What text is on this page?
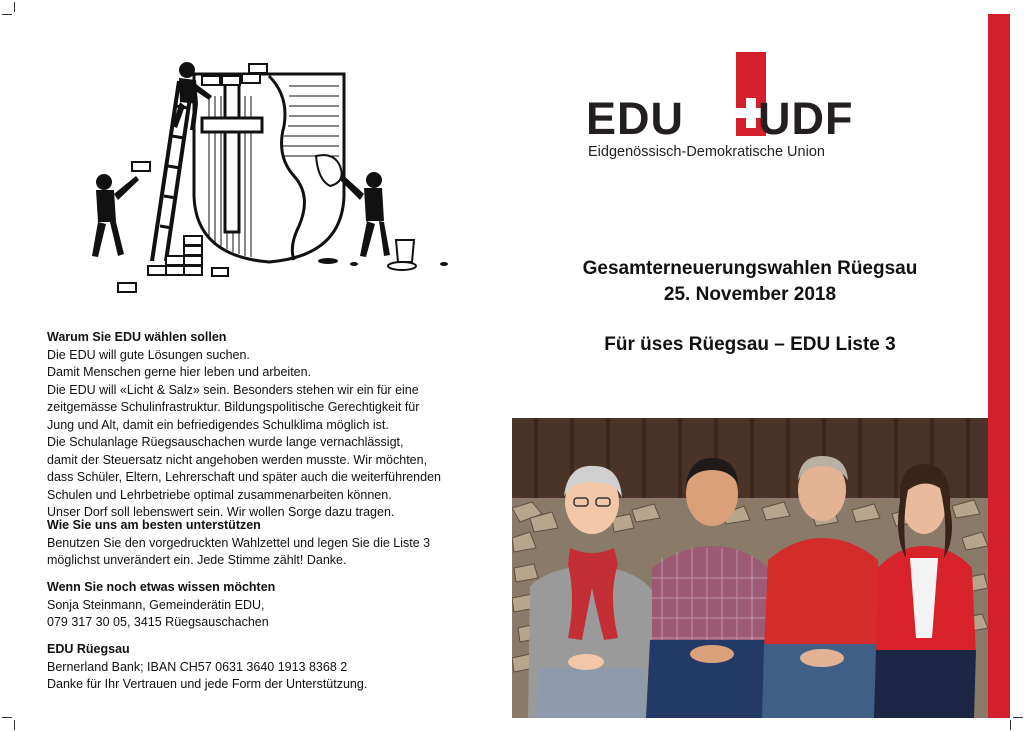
EDU UDF
Eidgenössisch-Demokratische Union
Gesamterneuerungswahlen Rüegsau
25. November 2018
Für üses Rüegsau – EDU Liste 3
Warum Sie EDU wählen sollen

Die EDU will gute Lösungen suchen.

Damit Menschen gerne hier leben und arbeiten.

Die EDU will «Licht & Salz» sein. Besonders stehen wir ein für eine

zeitgemässe Schulinfrastruktur. Bildungspolitische Gerechtigkeit für

Jung und Alt, damit ein befriedigendes Schulklima möglich ist.

Die Schulanlage Rüegsauschachen wurde lange vernachlässigt,

damit der Steuersatz nicht angehoben werden musste. Wir möchten,

dass Schüler, Eltern, Lehrerschaft und später auch die weiterführenden

Schulen und Lehrbetriebe optimal zusammenarbeiten können.

Unser Dorf soll lebenswert sein. Wir wollen Sorge dazu tragen.

Wie Sie uns am besten unterstützen

Benutzen Sie den vorgedruckten Wahlzettel und legen Sie die Liste 3

möglichst unverändert ein. Jede Stimme zählt! Danke.

Wenn Sie noch etwas wissen möchten

Sonja Steinmann, Gemeinderätin EDU,

079 317 30 05, 3415 Rüegsauschachen

EDU Rüegsau

Bernerland Bank; IBAN CH57 0631 3640 1913 8368 2

Danke für Ihr Vertrauen und jede Form der Unterstützung.
